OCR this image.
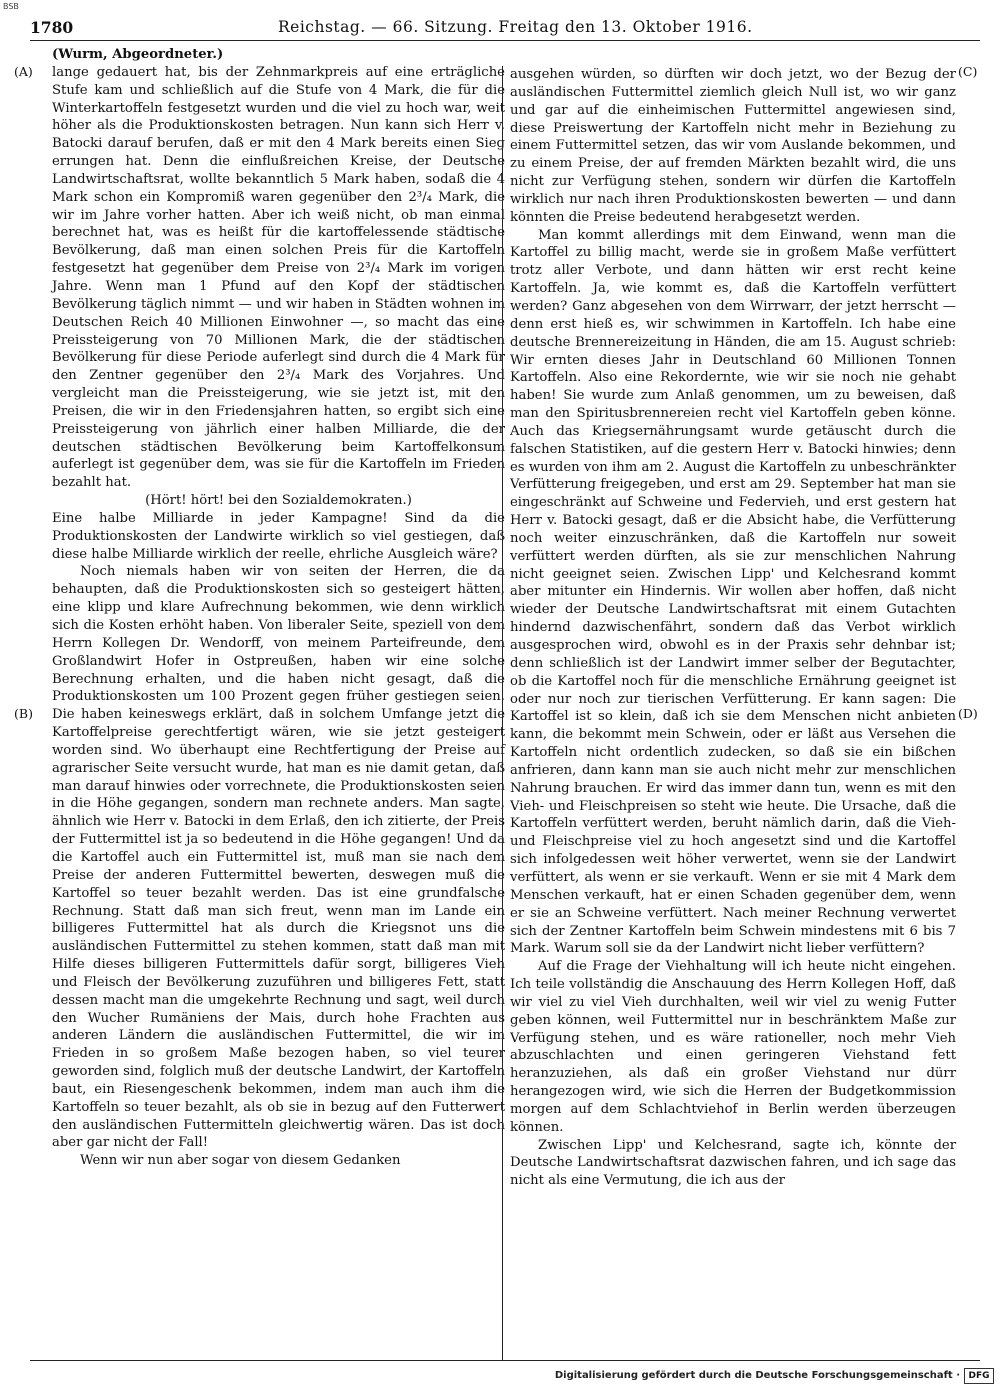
BSB
1780	Reichstag. — 66. Sitzung. Freitag den 13. Oktober 1916.
(A)
(B)
(C)
(D)

(Wurm, Abgeordneter.)

lange gedauert hat, bis der Zehnmarkpreis auf eine erträgliche Stufe kam und schließlich auf die Stufe von 4 Mark, die für die Winterkartoffeln festgesetzt wurden und die viel zu hoch war, weit höher als die Produktionskosten betragen. Nun kann sich Herr v. Batocki darauf berufen, daß er mit den 4 Mark bereits einen Sieg errungen hat. Denn die einflußreichen Kreise, der Deutsche Landwirtschaftsrat, wollte bekanntlich 5 Mark haben, sodaß die 4 Mark schon ein Kompromiß waren gegenüber den 2³/₄ Mark, die wir im Jahre vorher hatten. Aber ich weiß nicht, ob man einmal berechnet hat, was es heißt für die kartoffelessende städtische Bevölkerung, daß man einen solchen Preis für die Kartoffeln festgesetzt hat gegenüber dem Preise von 2³/₄ Mark im vorigen Jahre. Wenn man 1 Pfund auf den Kopf der städtischen Bevölkerung täglich nimmt — und wir haben in Städten wohnen im Deutschen Reich 40 Millionen Einwohner —, so macht das eine Preissteigerung von 70 Millionen Mark, die der städtischen Bevölkerung für diese Periode auferlegt sind durch die 4 Mark für den Zentner gegenüber den 2³/₄ Mark des Vorjahres. Und vergleicht man die Preissteigerung, wie sie jetzt ist, mit den Preisen, die wir in den Friedensjahren hatten, so ergibt sich eine Preissteigerung von jährlich einer halben Milliarde, die der deutschen städtischen Bevölkerung beim Kartoffelkonsum auferlegt ist gegenüber dem, was sie für die Kartoffeln im Frieden bezahlt hat.

(Hört! hört! bei den Sozialdemokraten.)

Eine halbe Milliarde in jeder Kampagne! Sind da die Produktionskosten der Landwirte wirklich so viel gestiegen, daß diese halbe Milliarde wirklich der reelle, ehrliche Ausgleich wäre?

Noch niemals haben wir von seiten der Herren, die da behaupten, daß die Produktionskosten sich so gesteigert hätten, eine klipp und klare Aufrechnung bekommen, wie denn wirklich sich die Kosten erhöht haben. Von liberaler Seite, speziell von dem Herrn Kollegen Dr. Wendorff, von meinem Parteifreunde, dem Großlandwirt Hofer in Ostpreußen, haben wir eine solche Berechnung erhalten, und die haben nicht gesagt, daß die Produktionskosten um 100 Prozent gegen früher gestiegen seien. Die haben keineswegs erklärt, daß in solchem Umfange jetzt die Kartoffelpreise gerechtfertigt wären, wie sie jetzt gesteigert worden sind. Wo überhaupt eine Rechtfertigung der Preise auf agrarischer Seite versucht wurde, hat man es nie damit getan, daß man darauf hinwies oder vorrechnete, die Produktionskosten seien in die Höhe gegangen, sondern man rechnete anders. Man sagte, ähnlich wie Herr v. Batocki in dem Erlaß, den ich zitierte, der Preis der Futtermittel ist ja so bedeutend in die Höhe gegangen! Und da die Kartoffel auch ein Futtermittel ist, muß man sie nach dem Preise der anderen Futtermittel bewerten, deswegen muß die Kartoffel so teuer bezahlt werden. Das ist eine grundfalsche Rechnung. Statt daß man sich freut, wenn man im Lande ein billigeres Futtermittel hat als durch die Kriegsnot uns die ausländischen Futtermittel zu stehen kommen, statt daß man mit Hilfe dieses billigeren Futtermittels dafür sorgt, billigeres Vieh und Fleisch der Bevölkerung zuzuführen und billigeres Fett, statt dessen macht man die umgekehrte Rechnung und sagt, weil durch den Wucher Rumäniens der Mais, durch hohe Frachten aus anderen Ländern die ausländischen Futtermittel, die wir im Frieden in so großem Maße bezogen haben, so viel teurer geworden sind, folglich muß der deutsche Landwirt, der Kartoffeln baut, ein Riesengeschenk bekommen, indem man auch ihm die Kartoffeln so teuer bezahlt, als ob sie in bezug auf den Futterwert den ausländischen Futtermitteln gleichwertig wären. Das ist doch aber gar nicht der Fall!

Wenn wir nun aber sogar von diesem Gedanken

ausgehen würden, so dürften wir doch jetzt, wo der Bezug der ausländischen Futtermittel ziemlich gleich Null ist, wo wir ganz und gar auf die einheimischen Futtermittel angewiesen sind, diese Preiswertung der Kartoffeln nicht mehr in Beziehung zu einem Futtermittel setzen, das wir vom Auslande bekommen, und zu einem Preise, der auf fremden Märkten bezahlt wird, die uns nicht zur Verfügung stehen, sondern wir dürfen die Kartoffeln wirklich nur nach ihren Produktionskosten bewerten — und dann könnten die Preise bedeutend herabgesetzt werden.

Man kommt allerdings mit dem Einwand, wenn man die Kartoffel zu billig macht, werde sie in großem Maße verfüttert trotz aller Verbote, und dann hätten wir erst recht keine Kartoffeln. Ja, wie kommt es, daß die Kartoffeln verfüttert werden? Ganz abgesehen von dem Wirrwarr, der jetzt herrscht — denn erst hieß es, wir schwimmen in Kartoffeln. Ich habe eine deutsche Brennereizeitung in Händen, die am 15. August schrieb: Wir ernten dieses Jahr in Deutschland 60 Millionen Tonnen Kartoffeln. Also eine Rekordernte, wie wir sie noch nie gehabt haben! Sie wurde zum Anlaß genommen, um zu beweisen, daß man den Spiritusbrennereien recht viel Kartoffeln geben könne. Auch das Kriegsernährungsamt wurde getäuscht durch die falschen Statistiken, auf die gestern Herr v. Batocki hinwies; denn es wurden von ihm am 2. August die Kartoffeln zu unbeschränkter Verfütterung freigegeben, und erst am 29. September hat man sie eingeschränkt auf Schweine und Federvieh, und erst gestern hat Herr v. Batocki gesagt, daß er die Absicht habe, die Verfütterung noch weiter einzuschränken, daß die Kartoffeln nur soweit verfüttert werden dürften, als sie zur menschlichen Nahrung nicht geeignet seien. Zwischen Lipp' und Kelchesrand kommt aber mitunter ein Hindernis. Wir wollen aber hoffen, daß nicht wieder der Deutsche Landwirtschaftsrat mit einem Gutachten hindernd dazwischenfährt, sondern daß das Verbot wirklich ausgesprochen wird, obwohl es in der Praxis sehr dehnbar ist; denn schließlich ist der Landwirt immer selber der Begutachter, ob die Kartoffel noch für die menschliche Ernährung geeignet ist oder nur noch zur tierischen Verfütterung. Er kann sagen: Die Kartoffel ist so klein, daß ich sie dem Menschen nicht anbieten kann, die bekommt mein Schwein, oder er läßt aus Versehen die Kartoffeln nicht ordentlich zudecken, so daß sie ein bißchen anfrieren, dann kann man sie auch nicht mehr zur menschlichen Nahrung brauchen. Er wird das immer dann tun, wenn es mit den Vieh- und Fleischpreisen so steht wie heute. Die Ursache, daß die Kartoffeln verfüttert werden, beruht nämlich darin, daß die Vieh- und Fleischpreise viel zu hoch angesetzt sind und die Kartoffel sich infolgedessen weit höher verwertet, wenn sie der Landwirt verfüttert, als wenn er sie verkauft. Wenn er sie mit 4 Mark dem Menschen verkauft, hat er einen Schaden gegenüber dem, wenn er sie an Schweine verfüttert. Nach meiner Rechnung verwertet sich der Zentner Kartoffeln beim Schwein mindestens mit 6 bis 7 Mark. Warum soll sie da der Landwirt nicht lieber verfüttern?

Auf die Frage der Viehhaltung will ich heute nicht eingehen. Ich teile vollständig die Anschauung des Herrn Kollegen Hoff, daß wir viel zu viel Vieh durchhalten, weil wir viel zu wenig Futter geben können, weil Futtermittel nur in beschränktem Maße zur Verfügung stehen, und es wäre rationeller, noch mehr Vieh abzuschlachten und einen geringeren Viehstand fett heranzuziehen, als daß ein großer Viehstand nur dürr herangezogen wird, wie sich die Herren der Budgetkommission morgen auf dem Schlachtviehof in Berlin werden überzeugen können.

Zwischen Lipp' und Kelchesrand, sagte ich, könnte der Deutsche Landwirtschaftsrat dazwischen fahren, und ich sage das nicht als eine Vermutung, die ich aus der

Digitalisierung gefördert durch die Deutsche Forschungsgemeinschaft · DFG
